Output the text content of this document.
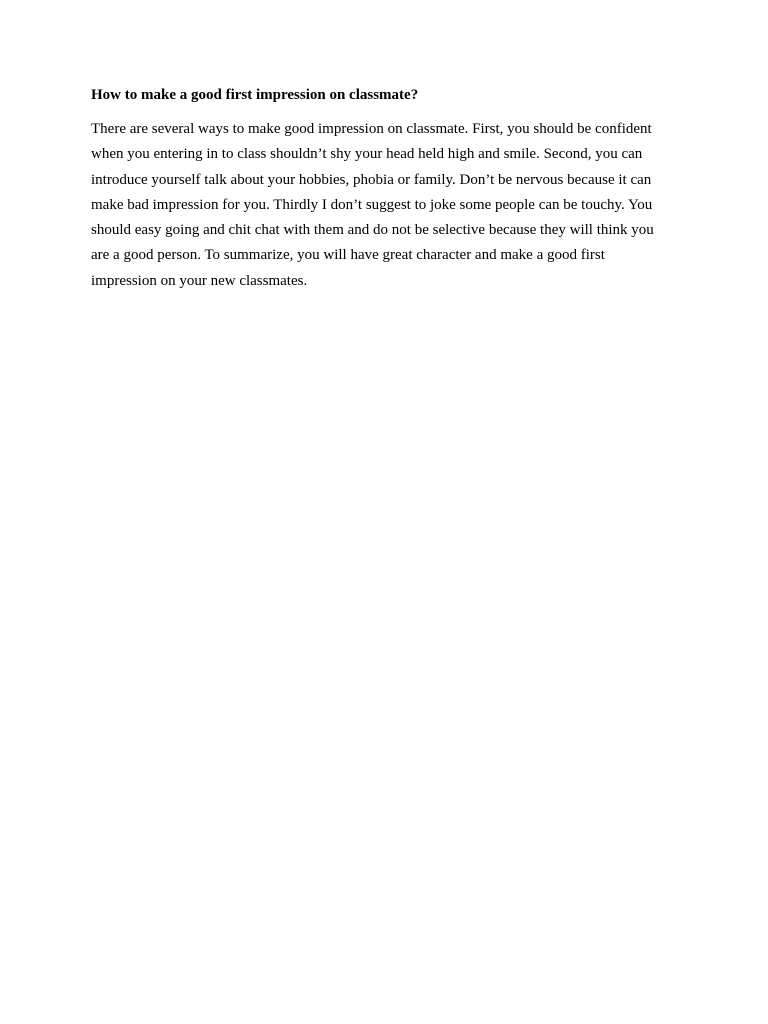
How to make a good first impression on classmate?
There are several ways to make good impression on classmate. First, you should be confident
when you entering in to class shouldn’t shy your head held high and smile. Second, you can
introduce yourself talk about your hobbies, phobia or family. Don’t be nervous because it can
make bad impression for you. Thirdly I don’t suggest to joke some people can be touchy. You
should easy going and chit chat with them and do not be selective because they will think you
are a good person. To summarize, you will have great character and make a good first
impression on your new classmates.
